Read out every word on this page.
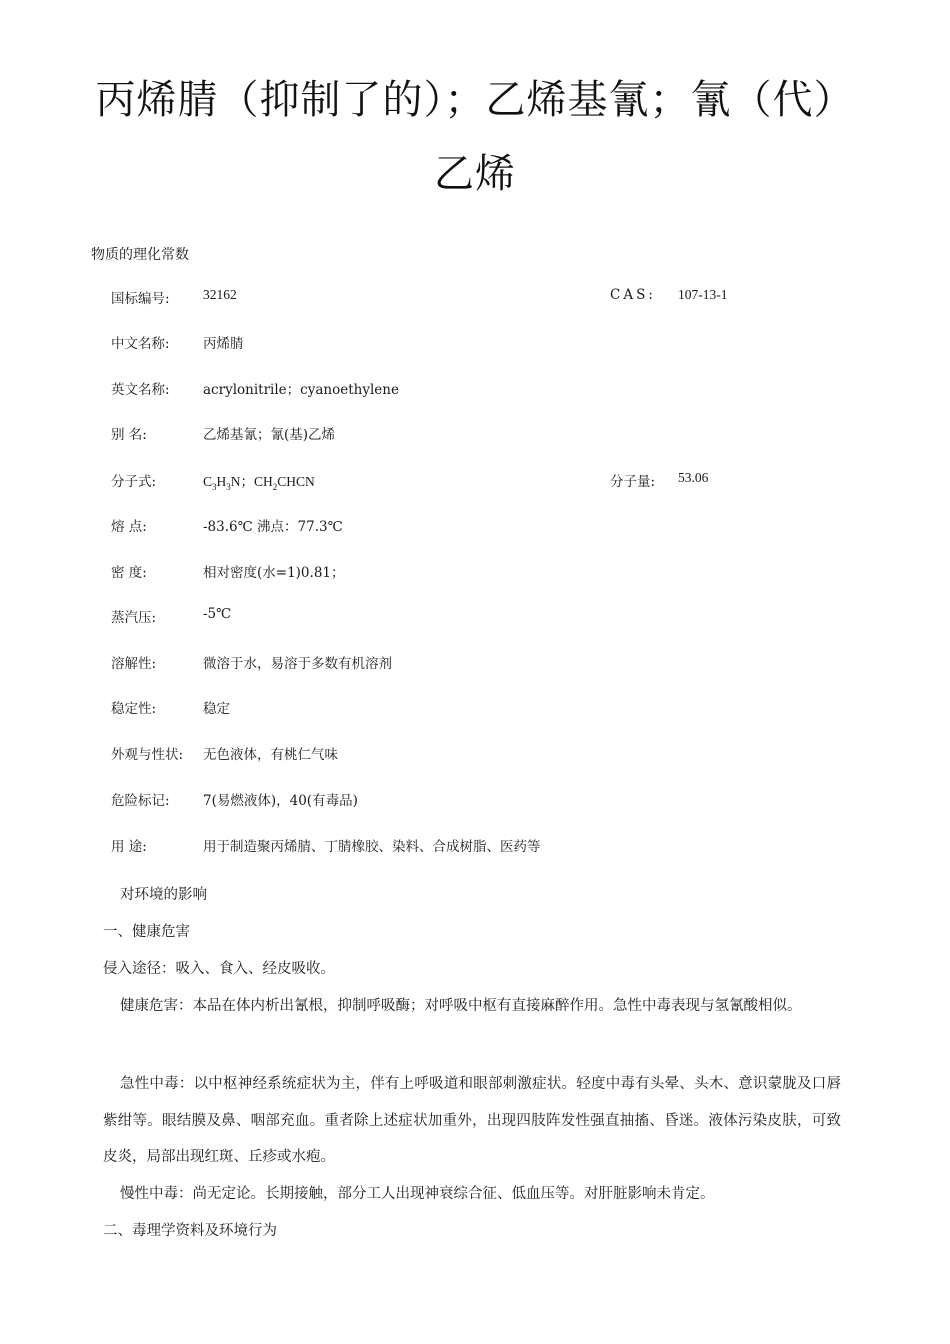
丙烯腈（抑制了的）；乙烯基氰；氰（代）
乙烯
物质的理化常数
国标编号: 32162	CAS: 107-13-1
中文名称: 丙烯腈
英文名称: acrylonitrile；cyanoethylene
别 名:	乙烯基氰；氰(基)乙烯
分子式:	$C_3H_3N$；$CH_2CHCN$	分子量: 53.06
熔 点:	-83.6℃ 沸点：77.3℃
密 度:	相对密度(水=1)0.81；
蒸汽压:	-5℃
溶解性:	微溶于水，易溶于多数有机溶剂
稳定性:	稳定
外观与性状: 无色液体，有桃仁气味
危险标记: 7(易燃液体)，40(有毒品)
用 途:	用于制造聚丙烯腈、丁腈橡胶、染料、合成树脂、医药等

对环境的影响

一、健康危害

侵入途径：吸入、食入、经皮吸收。

健康危害：本品在体内析出氰根，抑制呼吸酶；对呼吸中枢有直接麻醉作用。急性中毒表现与氢氰酸相似。

急性中毒：以中枢神经系统症状为主，伴有上呼吸道和眼部刺激症状。轻度中毒有头晕、头木、意识蒙胧及口唇紫绀等。眼结膜及鼻、咽部充血。重者除上述症状加重外，出现四肢阵发性强直抽搐、昏迷。液体污染皮肤，可致皮炎，局部出现红斑、丘疹或水疱。

慢性中毒：尚无定论。长期接触，部分工人出现神衰综合征、低血压等。对肝脏影响未肯定。

二、毒理学资料及环境行为
